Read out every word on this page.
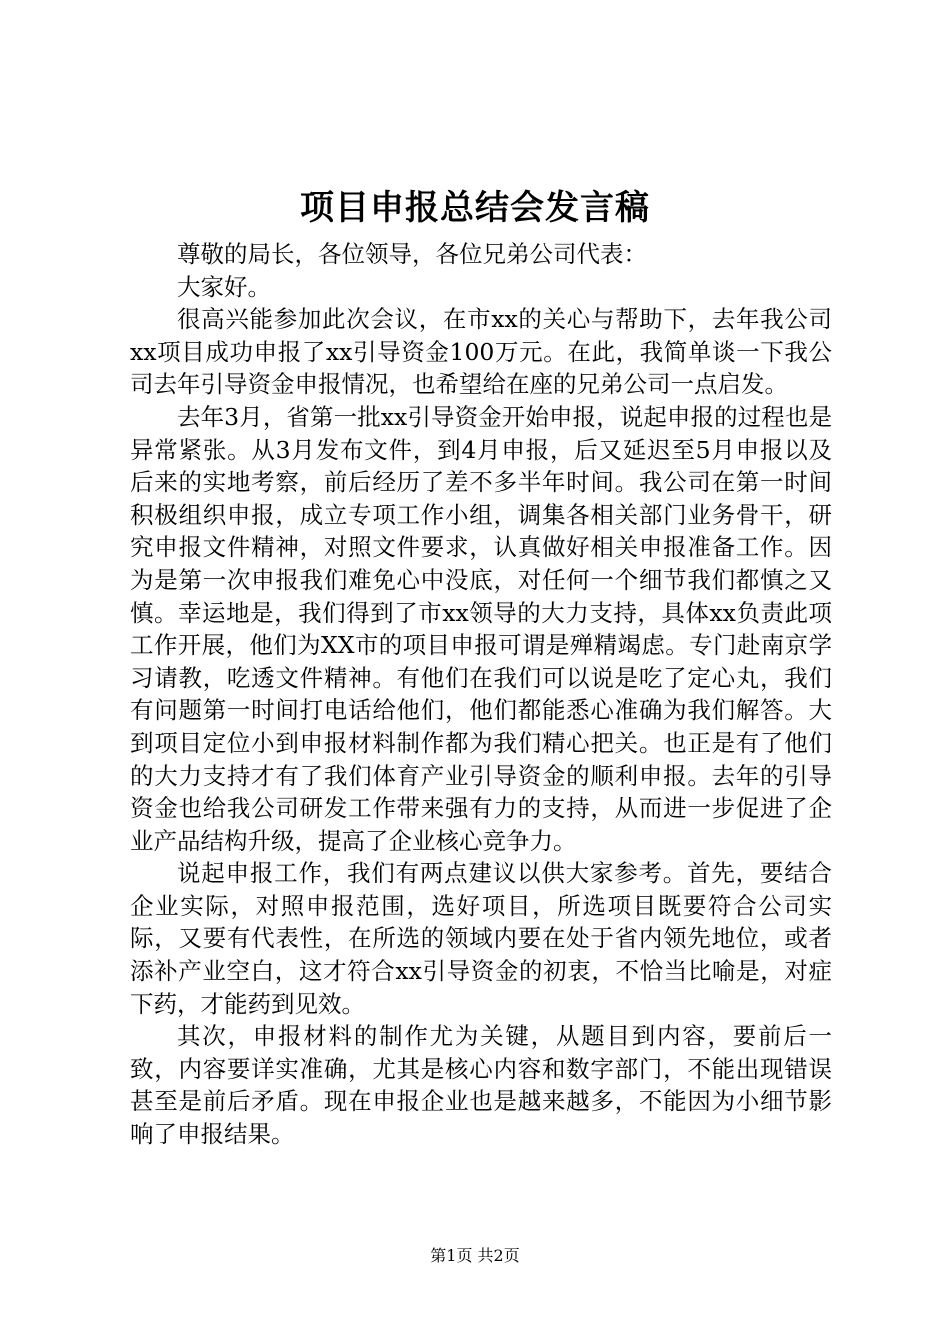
项目申报总结会发言稿

尊敬的局长，各位领导，各位兄弟公司代表：

大家好。

很高兴能参加此次会议，在市xx的关心与帮助下，去年我公司xx项目成功申报了xx引导资金100万元。在此，我简单谈一下我公司去年引导资金申报情况，也希望给在座的兄弟公司一点启发。

去年3月，省第一批xx引导资金开始申报，说起申报的过程也是异常紧张。从3月发布文件，到4月申报，后又延迟至5月申报以及后来的实地考察，前后经历了差不多半年时间。我公司在第一时间积极组织申报，成立专项工作小组，调集各相关部门业务骨干，研究申报文件精神，对照文件要求，认真做好相关申报准备工作。因为是第一次申报我们难免心中没底，对任何一个细节我们都慎之又慎。幸运地是，我们得到了市xx领导的大力支持，具体xx负责此项工作开展，他们为XX市的项目申报可谓是殚精竭虑。专门赴南京学习请教，吃透文件精神。有他们在我们可以说是吃了定心丸，我们有问题第一时间打电话给他们，他们都能悉心准确为我们解答。大到项目定位小到申报材料制作都为我们精心把关。也正是有了他们的大力支持才有了我们体育产业引导资金的顺利申报。去年的引导资金也给我公司研发工作带来强有力的支持，从而进一步促进了企业产品结构升级，提高了企业核心竞争力。

说起申报工作，我们有两点建议以供大家参考。首先，要结合企业实际，对照申报范围，选好项目，所选项目既要符合公司实际，又要有代表性，在所选的领域内要在处于省内领先地位，或者添补产业空白，这才符合xx引导资金的初衷，不恰当比喻是，对症下药，才能药到见效。

其次，申报材料的制作尤为关键，从题目到内容，要前后一致，内容要详实准确，尤其是核心内容和数字部门，不能出现错误甚至是前后矛盾。现在申报企业也是越来越多，不能因为小细节影响了申报结果。

第1页 共2页
